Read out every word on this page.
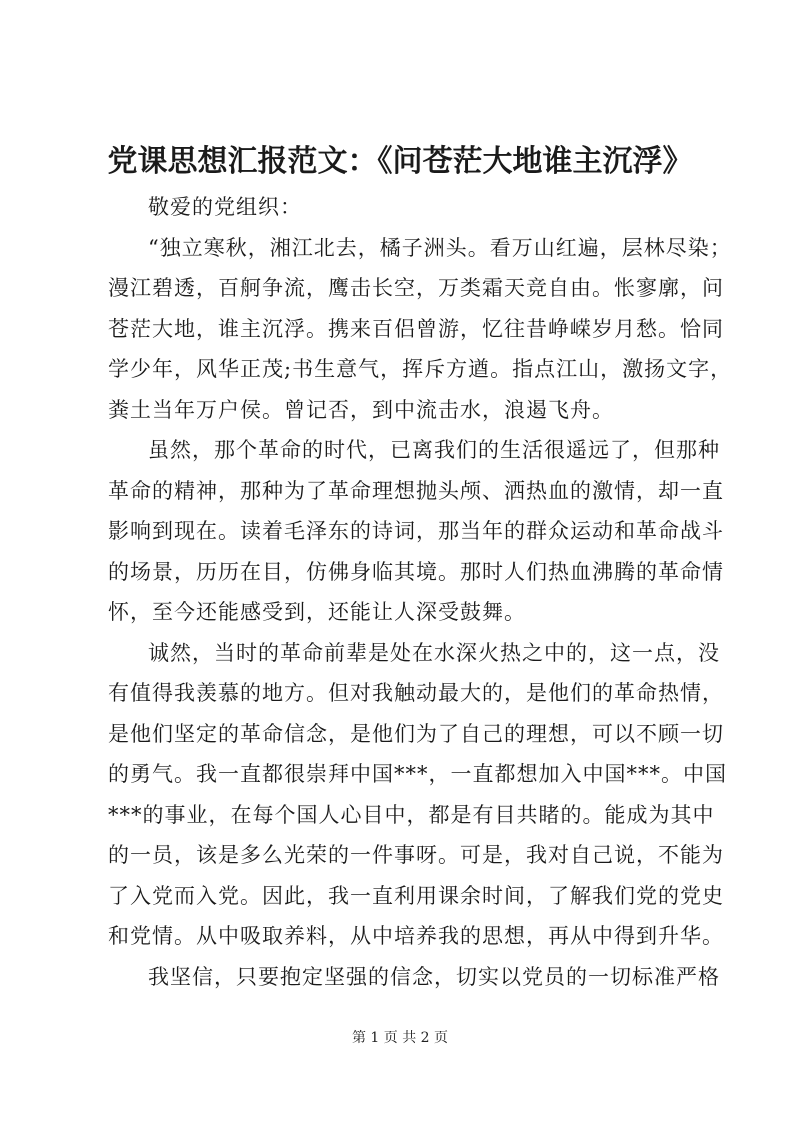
党课思想汇报范文：《问苍茫大地谁主沉浮》
敬爱的党组织：
“独立寒秋，湘江北去，橘子洲头。看万山红遍，层林尽染；
漫江碧透，百舸争流，鹰击长空，万类霜天竞自由。怅寥廓，问
苍茫大地，谁主沉浮。携来百侣曾游，忆往昔峥嵘岁月愁。恰同
学少年，风华正茂;书生意气，挥斥方遒。指点江山，激扬文字，
粪土当年万户侯。曾记否，到中流击水，浪遏飞舟。
虽然，那个革命的时代，已离我们的生活很遥远了，但那种
革命的精神，那种为了革命理想抛头颅、洒热血的激情，却一直
影响到现在。读着毛泽东的诗词，那当年的群众运动和革命战斗
的场景，历历在目，仿佛身临其境。那时人们热血沸腾的革命情
怀，至今还能感受到，还能让人深受鼓舞。
诚然，当时的革命前辈是处在水深火热之中的，这一点，没
有值得我羡慕的地方。但对我触动最大的，是他们的革命热情，
是他们坚定的革命信念，是他们为了自己的理想，可以不顾一切
的勇气。我一直都很崇拜中国***，一直都想加入中国***。中国
***的事业，在每个国人心目中，都是有目共睹的。能成为其中
的一员，该是多么光荣的一件事呀。可是，我对自己说，不能为
了入党而入党。因此，我一直利用课余时间，了解我们党的党史
和党情。从中吸取养料，从中培养我的思想，再从中得到升华。
我坚信，只要抱定坚强的信念，切实以党员的一切标准严格
第 1 页 共 2 页
